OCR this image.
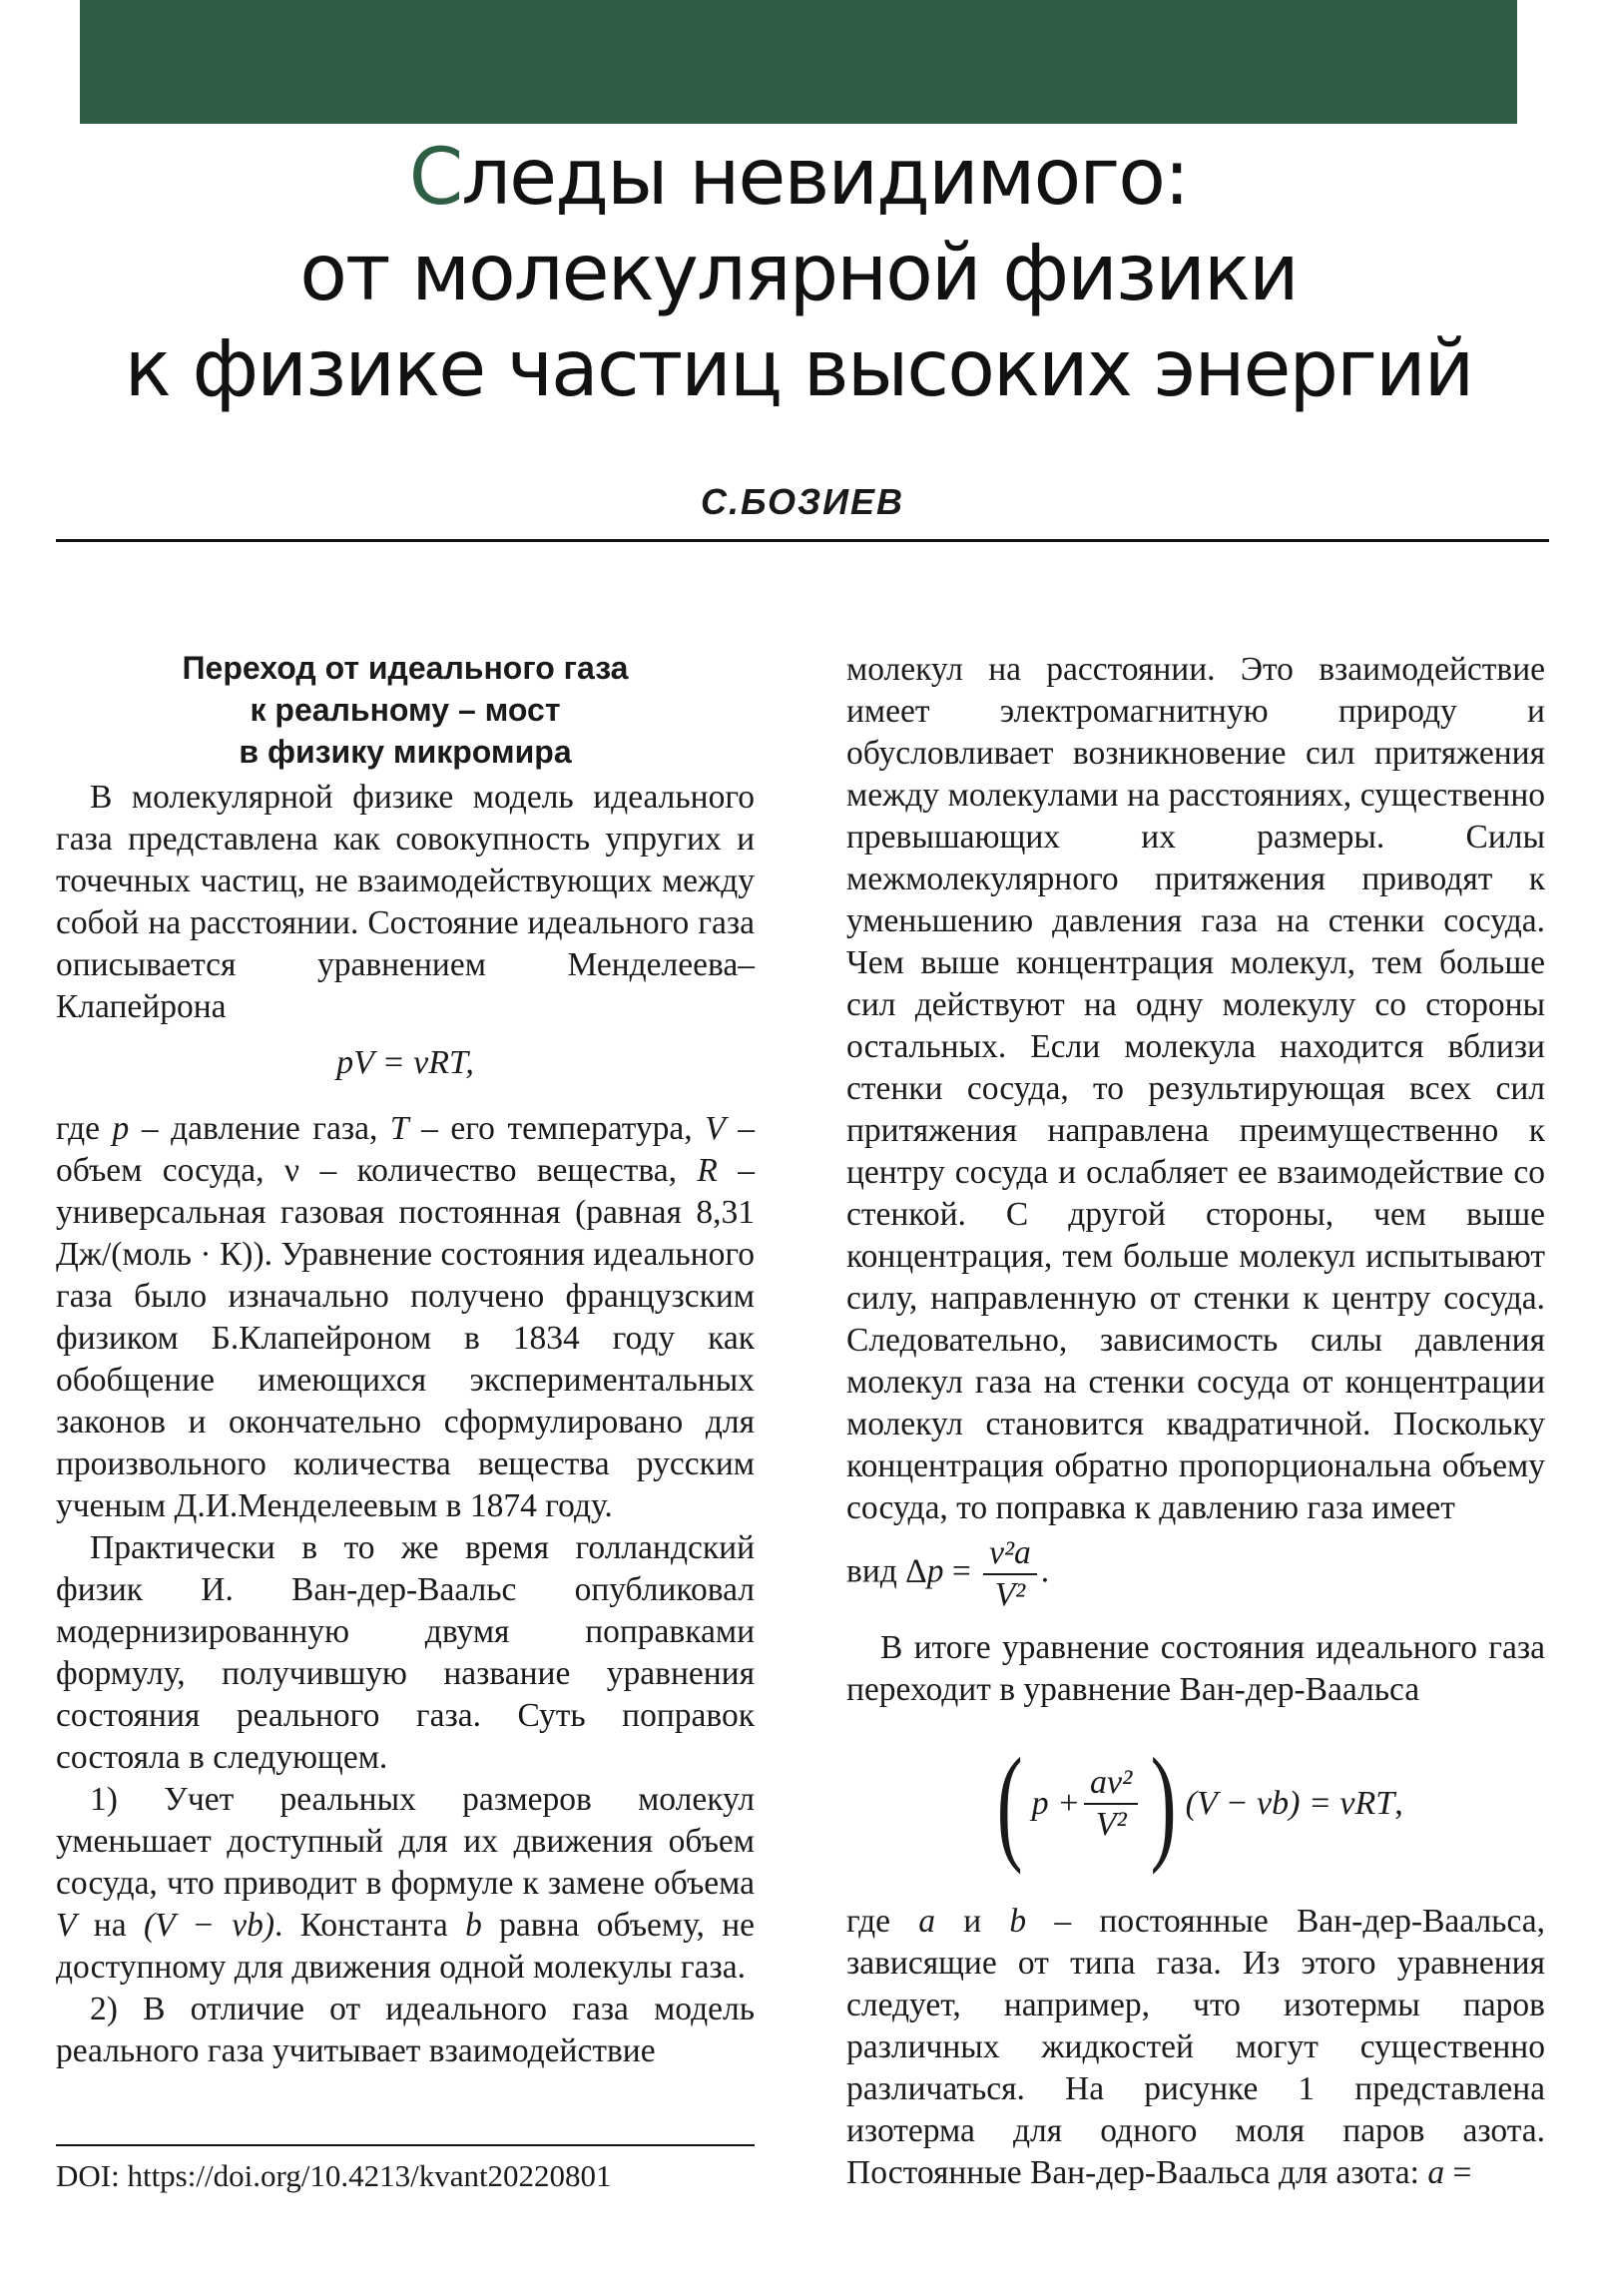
Следы невидимого:
от молекулярной физики
к физике частиц высоких энергий
С.БОЗИЕВ
Переход от идеального газа
к реальному – мост
в физику микромира

В молекулярной физике модель идеального газа представлена как совокупность упругих и точечных частиц, не взаимодействующих между собой на расстоянии. Состояние идеального газа описывается уравнением Менделеева–Клапейрона

pV = νRT,

где p – давление газа, T – его температура, V – объем сосуда, ν – количество вещества, R – универсальная газовая постоянная (равная 8,31 Дж/(моль · К)). Уравнение состояния идеального газа было изначально получено французским физиком Б.Клапейроном в 1834 году как обобщение имеющихся экспериментальных законов и окончательно сформулировано для произвольного количества вещества русским ученым Д.И.Менделеевым в 1874 году.

Практически в то же время голландский физик И. Ван-дер-Ваальс опубликовал модернизированную двумя поправками формулу, получившую название уравнения состояния реального газа. Суть поправок состояла в следующем.

1) Учет реальных размеров молекул уменьшает доступный для их движения объем сосуда, что приводит в формуле к замене объема V на (V − νb). Константа b равна объему, не доступному для движения одной молекулы газа.

2) В отличие от идеального газа модель реального газа учитывает взаимодействие

молекул на расстоянии. Это взаимодействие имеет электромагнитную природу и обусловливает возникновение сил притяжения между молекулами на расстояниях, существенно превышающих их размеры. Силы межмолекулярного притяжения приводят к уменьшению давления газа на стенки сосуда. Чем выше концентрация молекул, тем больше сил действуют на одну молекулу со стороны остальных. Если молекула находится вблизи стенки сосуда, то результирующая всех сил притяжения направлена преимущественно к центру сосуда и ослабляет ее взаимодействие со стенкой. С другой стороны, чем выше концентрация, тем больше молекул испытывают силу, направленную от стенки к центру сосуда. Следовательно, зависимость силы давления молекул газа на стенки сосуда от концентрации молекул становится квадратичной. Поскольку концентрация обратно пропорциональна объему сосуда, то поправка к давлению газа имеет

вид $\Delta p = \frac{\text{ν²a}}{\text{V²}}$ .

В итоге уравнение состояния идеального газа переходит в уравнение Ван-дер-Ваальса

( $p + \frac{\text{aν²}}{\text{V²}}$ ) (V − νb) = νRT ,

где a и b – постоянные Ван-дер-Ваальса, зависящие от типа газа. Из этого уравнения следует, например, что изотермы паров различных жидкостей могут существенно различаться. На рисунке 1 представлена изотерма для одного моля паров азота. Постоянные Ван-дер-Ваальса для азота: a =

DOI: https://doi.org/10.4213/kvant20220801
